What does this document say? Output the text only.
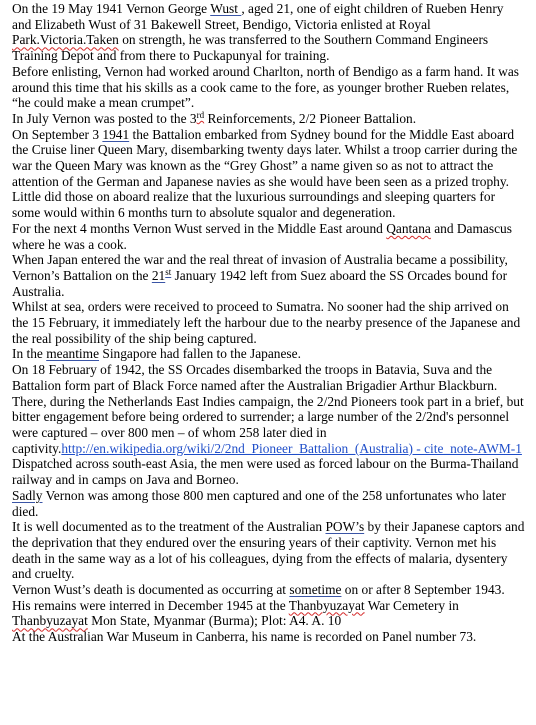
On the 19 May 1941 Vernon George Wust , aged 21, one of eight children of Rueben Henry and Elizabeth Wust of 31 Bakewell Street, Bendigo, Victoria enlisted at Royal Park.Victoria.Taken on strength, he was transferred to the Southern Command Engineers Training Depot and from there to Puckapunyal for training.

Before enlisting, Vernon had worked around Charlton, north of Bendigo as a farm hand. It was around this time that his skills as a cook came to the fore, as younger brother Rueben relates, “he could make a mean crumpet”.

In July Vernon was posted to the 3rd Reinforcements, 2/2 Pioneer Battalion.

On September 3 1941 the Battalion embarked from Sydney bound for the Middle East aboard the Cruise liner Queen Mary, disembarking twenty days later. Whilst a troop carrier during the war the Queen Mary was known as the “Grey Ghost” a name given so as not to attract the attention of the German and Japanese navies as she would have been seen as a prized trophy.

Little did those on aboard realize that the luxurious surroundings and sleeping quarters for some would within 6 months turn to absolute squalor and degeneration.

For the next 4 months Vernon Wust served in the Middle East around Qantana and Damascus where he was a cook.

When Japan entered the war and the real threat of invasion of Australia became a possibility, Vernon’s Battalion on the 21st January 1942 left from Suez aboard the SS Orcades bound for Australia.

Whilst at sea, orders were received to proceed to Sumatra. No sooner had the ship arrived on the 15 February, it immediately left the harbour due to the nearby presence of the Japanese and the real possibility of the ship being captured.

In the meantime Singapore had fallen to the Japanese.

On 18 February of 1942, the SS Orcades disembarked the troops in Batavia, Suva and the Battalion form part of Black Force named after the Australian Brigadier Arthur Blackburn.

There, during the Netherlands East Indies campaign, the 2/2nd Pioneers took part in a brief, but bitter engagement before being ordered to surrender; a large number of the 2/2nd's personnel were captured – over 800 men – of whom 258 later died in captivity.http://en.wikipedia.org/wiki/2/2nd_Pioneer_Battalion_(Australia) - cite_note-AWM-1 Dispatched across south-east Asia, the men were used as forced labour on the Burma-Thailand railway and in camps on Java and Borneo.

Sadly Vernon was among those 800 men captured and one of the 258 unfortunates who later died.

It is well documented as to the treatment of the Australian POW’s by their Japanese captors and the deprivation that they endured over the ensuring years of their captivity. Vernon met his death in the same way as a lot of his colleagues, dying from the effects of malaria, dysentery and cruelty.

Vernon Wust’s death is documented as occurring at sometime on or after 8 September 1943.

His remains were interred in December 1945 at the Thanbyuzayat War Cemetery in Thanbyuzayat Mon State, Myanmar (Burma); Plot: A4. A. 10

At the Australian War Museum in Canberra, his name is recorded on Panel number 73.
